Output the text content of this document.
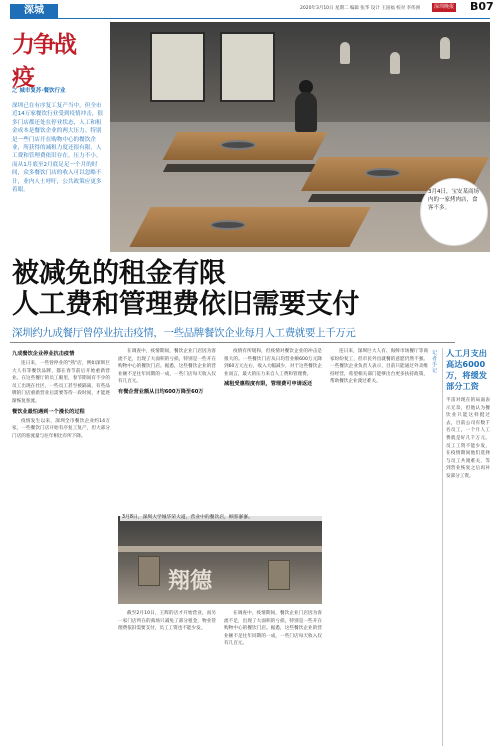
深城	2020年3月10日 星期二 编辑 张华 设计 王国福 校对 李伟洲	深圳晚报 B07
力争战疫
之 城市复苏·餐饮行业
深圳已在有序复工复产当中，但全市近14万家餐饮行业受到疫情冲击，很多门店都还处在停业状态，人工和租金成本是餐饮企业的两大压力。特别是一些门店开在购物中心的餐饮企业，所获得的减租力度还很有限，人工费和管理费依旧存在。压力不小。而从1月底至2月底足足一个月的时间，众多餐饮门店的收入可以忽略不计，业内人士呼吁，公共政策应更多着眼。	3月4日，宝安某商场内的一家烤肉店，食客不多。
被减免的租金有限
人工费和管理费依旧需要支付
深圳约九成餐厅曾停业抗击疫情，一些品牌餐饮企业每月人工费就要上千万元

九成餐饮企业停业抗击疫情

连日来，一些曾停业的"熟"店，例如深圳巨大人有等餐饮品牌，都在春节前后开始重新营业。在这些餐厅的员工眼里，春节期间有不少的员工出现在社区，一些员工甚至被隔离，有些品牌的门店重新营业后需要等待一段时间，才能逐渐恢复客流。

餐饮业最怕遇到一个漫长的过程

疫情发生以来，深圳全市餐饮企业约14万家，一些餐饮门店开始有序复工复产，但大部分门店的客流量与往年相比有所下降。

在调查中，疫情期间，餐饮企业门店因为客流不足，出现了大面积的亏损，特别是一些开在购物中心的餐饮门店。据悉，这些餐饮企业的营业额不足往年同期的一成，一些门店每天收入仅有几百元。

有餐企营业额从日均600万降至60万

疫情有所缓和，但疫情对餐饮企业的冲击是很大的。一些餐饮门店从日均营业额600万元降到60万元左右，收入大幅减少，对于这些餐饮企业而言，最大的压力来自人工费和管理费。

减租受惠程度有限，管理费可申请返还

连日来，深圳巨大人有、海鲜市场餐厅等商家纷纷复工，但市民外出就餐的意愿仍然不强。一些餐饮企业负责人表示，目前只能通过外卖维持经营，希望相关部门能够出台更多扶持政策，帮助餐饮企业渡过难关。

翔德
3月8日，深圳大学城华荣大道，营业中的餐饮店，顾客寥寥。

截至2月10日，王辉的店才开始营业，而另一家门店所在的商场只减免了部分租金，物业管理费依旧需要支付，员工工资也不能少发。

在调查中，疫情期间，餐饮企业门店因为客流不足，出现了大面积的亏损，特别是一些开在购物中心的餐饮门店。据悉，这些餐饮企业的营业额不足往年同期的一成，一些门店每天收入仅有几百元。

记者手记
人工月支出高达6000万，将缓发部分工资
半雷对现在的局面表示无奈，但他认为餐饮业只能这样挺过去，目前公司有数千名员工，一个月人工费就是好几千万元。员工工资不能少发，在疫情期间他们选择与员工共渡难关，等到营业恢复之后再补发部分工资。
